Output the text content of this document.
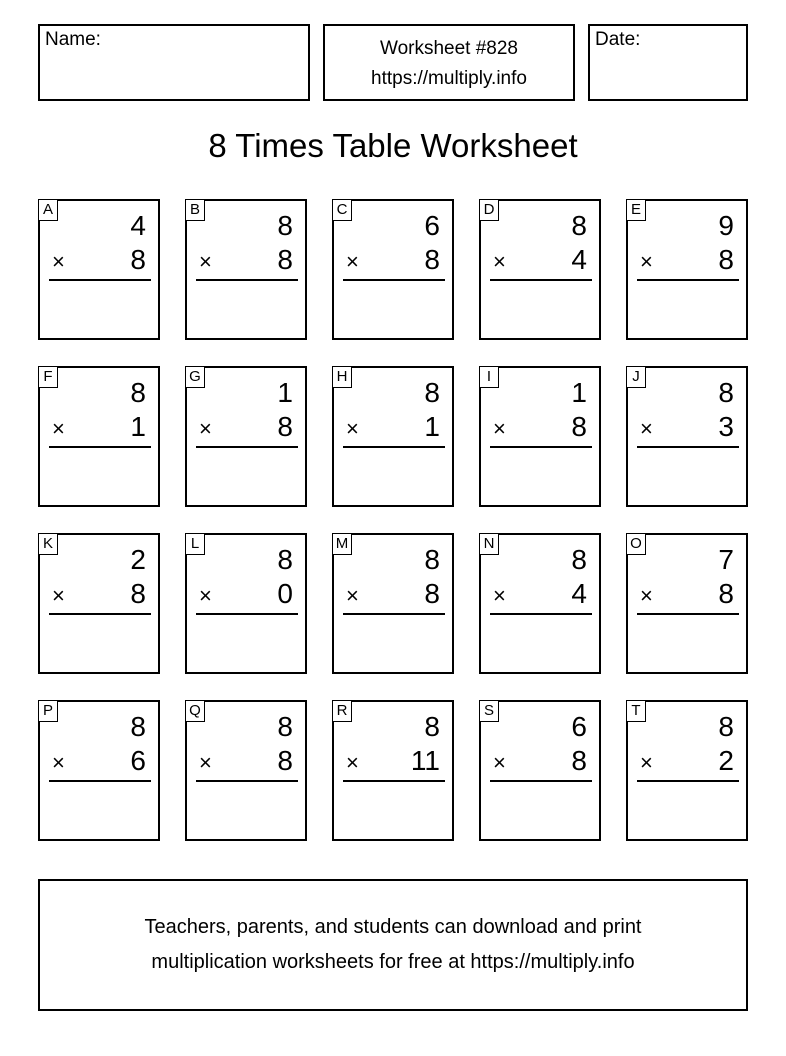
Name:	Worksheet #828
https://multiply.info
Date:
8 Times Table Worksheet
A
4
× 8
B
8
× 8
C
6
× 8
D
8
× 4
E
9
× 8
F
8
× 1
G
1
× 8
H
8
× 1
I
1
× 8
J
8
× 3
K
2
× 8
L
8
× 0
M
8
× 8
N
8
× 4
O
7
× 8
P
8
× 6
Q
8
× 8
R
8
× 11
S
6
× 8
T
8
× 2
Teachers, parents, and students can download and print
multiplication worksheets for free at https://multiply.info
